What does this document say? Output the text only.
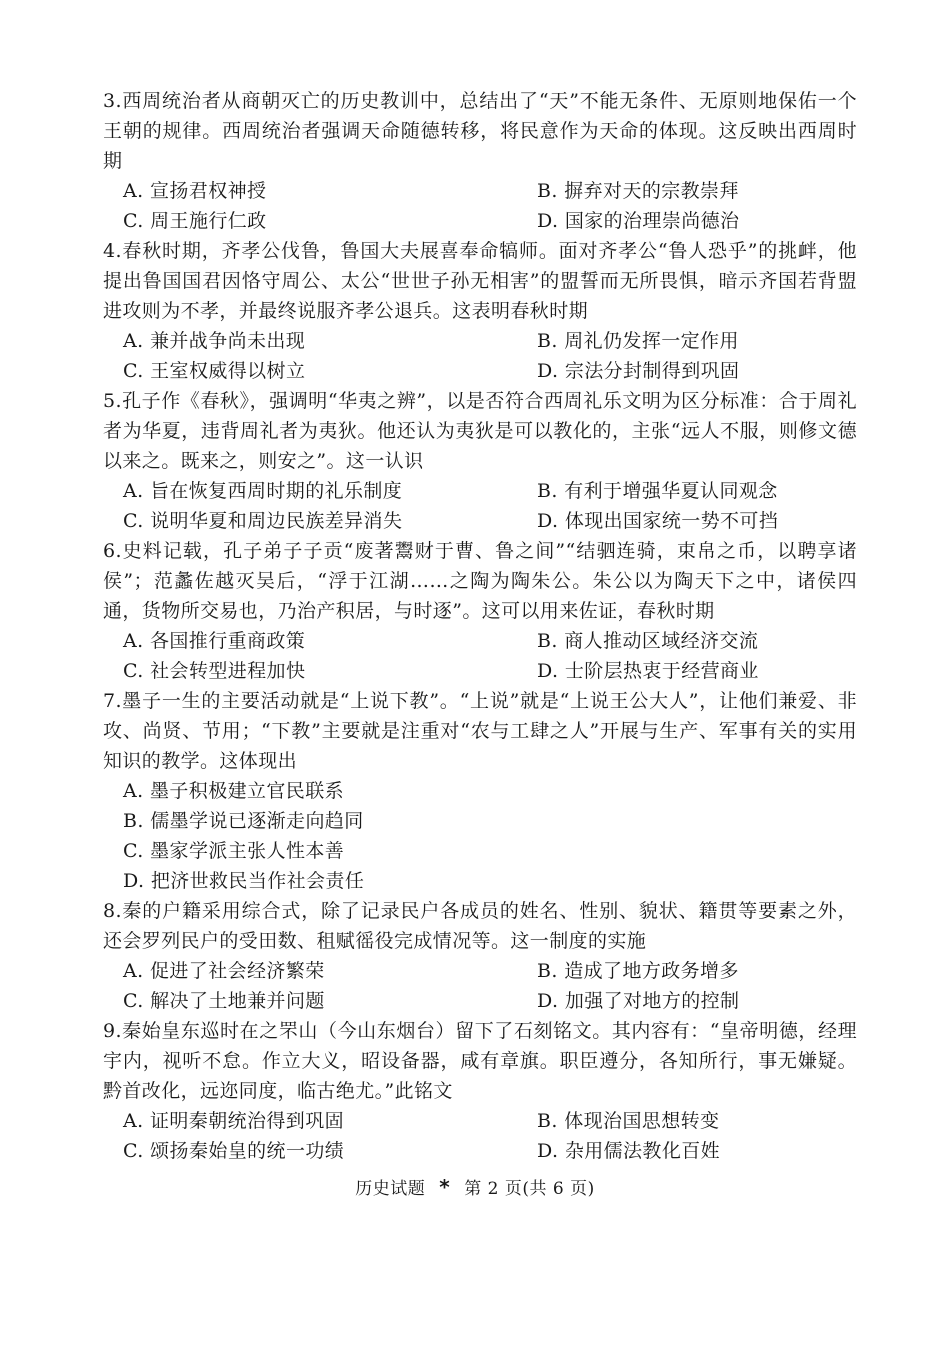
3.西周统治者从商朝灭亡的历史教训中，总结出了“天”不能无条件、无原则地保佑一个王朝的规律。西周统治者强调天命随德转移，将民意作为天命的体现。这反映出西周时期
A. 宣扬君权神授	B. 摒弃对天的宗教崇拜
C. 周王施行仁政	D. 国家的治理崇尚德治
4.春秋时期，齐孝公伐鲁，鲁国大夫展喜奉命犒师。面对齐孝公“鲁人恐乎”的挑衅，他提出鲁国国君因恪守周公、太公“世世子孙无相害”的盟誓而无所畏惧，暗示齐国若背盟进攻则为不孝，并最终说服齐孝公退兵。这表明春秋时期
A. 兼并战争尚未出现	B. 周礼仍发挥一定作用
C. 王室权威得以树立	D. 宗法分封制得到巩固
5.孔子作《春秋》，强调明“华夷之辨”，以是否符合西周礼乐文明为区分标准：合于周礼者为华夏，违背周礼者为夷狄。他还认为夷狄是可以教化的，主张“远人不服，则修文德以来之。既来之，则安之”。这一认识
A. 旨在恢复西周时期的礼乐制度	B. 有利于增强华夏认同观念
C. 说明华夏和周边民族差异消失	D. 体现出国家统一势不可挡
6.史料记载，孔子弟子子贡“废著鬻财于曹、鲁之间”“结驷连骑，束帛之币，以聘享诸侯”；范蠡佐越灭吴后，“浮于江湖……之陶为陶朱公。朱公以为陶天下之中，诸侯四通，货物所交易也，乃治产积居，与时逐”。这可以用来佐证，春秋时期
A. 各国推行重商政策	B. 商人推动区域经济交流
C. 社会转型进程加快	D. 士阶层热衷于经营商业
7.墨子一生的主要活动就是“上说下教”。“上说”就是“上说王公大人”，让他们兼爱、非攻、尚贤、节用；“下教”主要就是注重对“农与工肆之人”开展与生产、军事有关的实用知识的教学。这体现出
A. 墨子积极建立官民联系
B. 儒墨学说已逐渐走向趋同
C. 墨家学派主张人性本善
D. 把济世救民当作社会责任
8.秦的户籍采用综合式，除了记录民户各成员的姓名、性别、貌状、籍贯等要素之外，还会罗列民户的受田数、租赋徭役完成情况等。这一制度的实施
A. 促进了社会经济繁荣	B. 造成了地方政务增多
C. 解决了土地兼并问题	D. 加强了对地方的控制
9.秦始皇东巡时在之罘山（今山东烟台）留下了石刻铭文。其内容有：“皇帝明德，经理宇内，视听不怠。作立大义，昭设备器，咸有章旗。职臣遵分，各知所行，事无嫌疑。黔首改化，远迩同度，临古绝尤。”此铭文
A. 证明秦朝统治得到巩固	B. 体现治国思想转变
C. 颂扬秦始皇的统一功绩	D. 杂用儒法教化百姓
历史试题 * 第 2 页(共 6 页)
